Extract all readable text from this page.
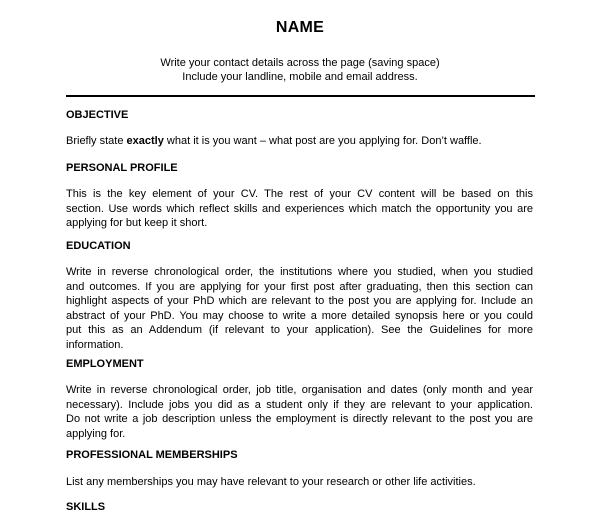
NAME
Write your contact details across the page (saving space)
Include your landline, mobile and email address.
OBJECTIVE
Briefly state exactly what it is you want – what post are you applying for. Don’t waffle.
PERSONAL PROFILE
This is the key element of your CV. The rest of your CV content will be based on this
section. Use words which reflect skills and experiences which match the opportunity you are
applying for but keep it short.
EDUCATION
Write in reverse chronological order, the institutions where you studied, when you studied
and outcomes. If you are applying for your first post after graduating, then this section can
highlight aspects of your PhD which are relevant to the post you are applying for. Include an
abstract of your PhD. You may choose to write a more detailed synopsis here or you could
put this as an Addendum (if relevant to your application). See the Guidelines for more
information.
EMPLOYMENT
Write in reverse chronological order, job title, organisation and dates (only month and year
necessary). Include jobs you did as a student only if they are relevant to your application.
Do not write a job description unless the employment is directly relevant to the post you are
applying for.
PROFESSIONAL MEMBERSHIPS
List any memberships you may have relevant to your research or other life activities.
SKILLS
